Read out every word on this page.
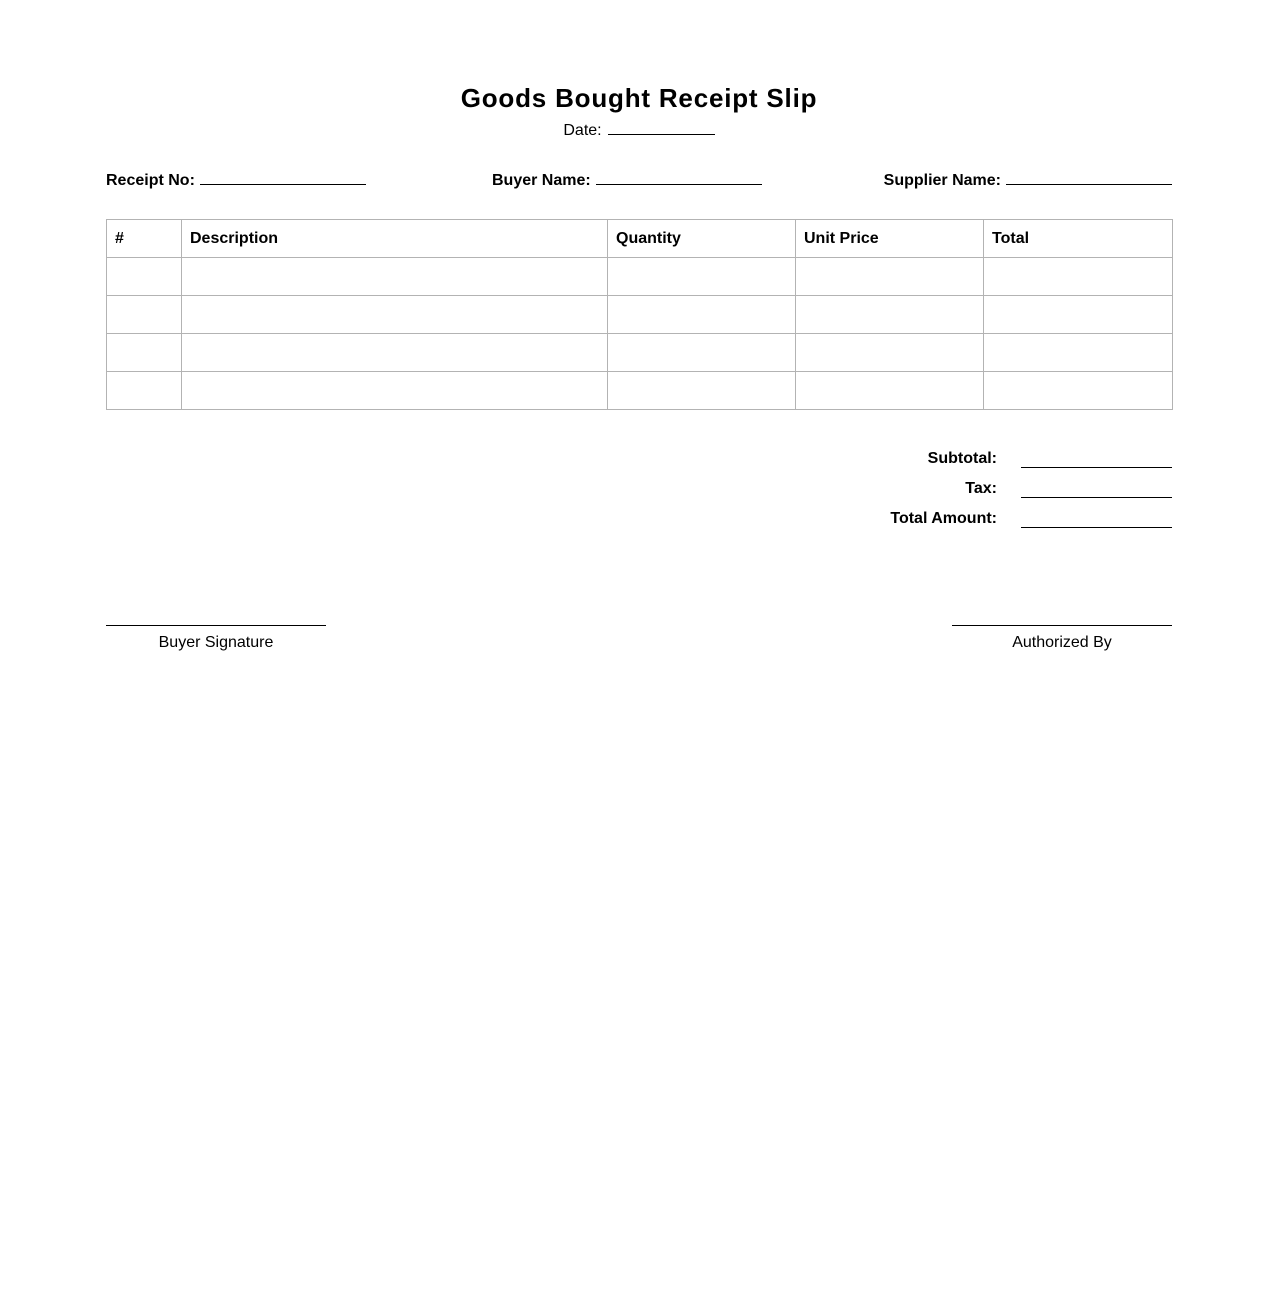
Goods Bought Receipt Slip
Date:
Receipt No:	Buyer Name:	Supplier Name:
#	Description	Quantity	Unit Price	Total

Subtotal:
Tax:
Total Amount:
Buyer Signature	Authorized By
